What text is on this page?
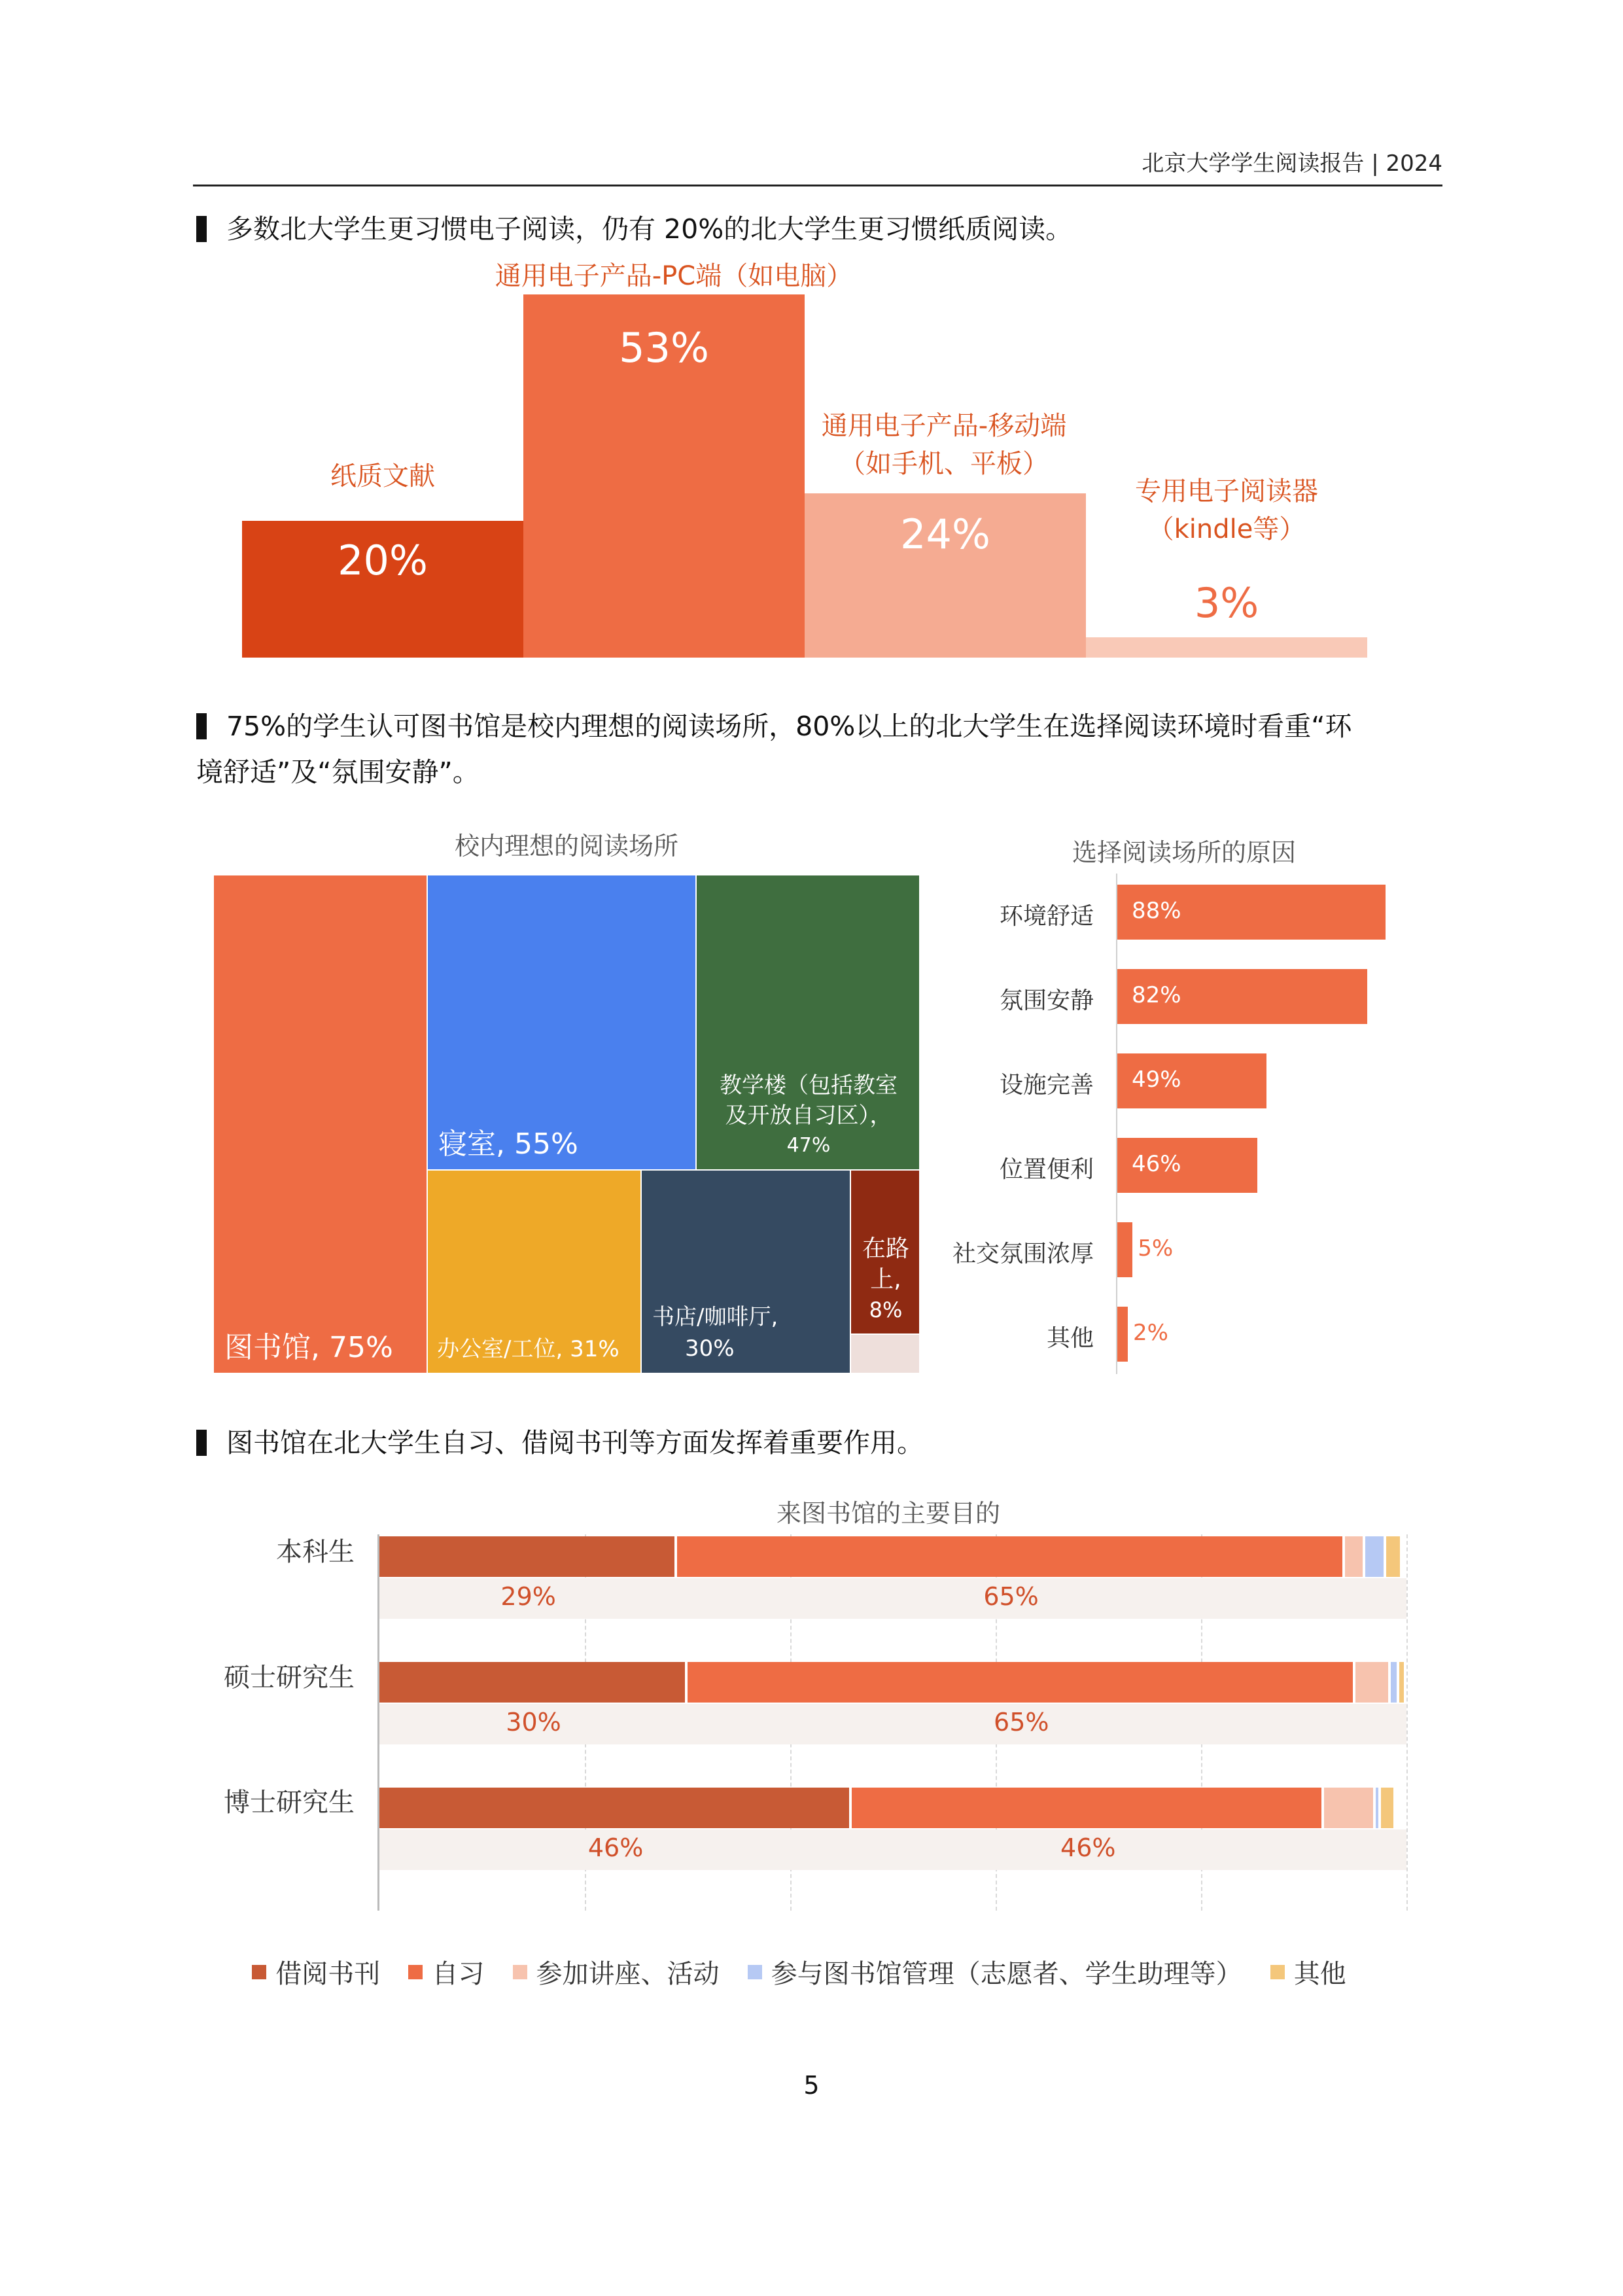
北京大学学生阅读报告 | 2024
多数北大学生更习惯电子阅读，仍有 20%的北大学生更习惯纸质阅读。
纸质文献
通用电子产品-PC端（如电脑）
通用电子产品-移动端
（如手机、平板）
专用电子阅读器
（kindle等）
20%
53%
24%
3%
75%的学生认可图书馆是校内理想的阅读场所，80%以上的北大学生在选择阅读环境时看重“环
境舒适”及“氛围安静”。
校内理想的阅读场所
图书馆, 75%
寝室, 55%
教学楼（包括教室
及开放自习区），
47%
办公室/工位, 31%
书店/咖啡厅,
30%
在路
上,
8%
选择阅读场所的原因
环境舒适
氛围安静
设施完善
位置便利
社交氛围浓厚
其他
88%
82%
49%
46%
5%
2%
图书馆在北大学生自习、借阅书刊等方面发挥着重要作用。
来图书馆的主要目的
本科生
硕士研究生
博士研究生
29%	65%
30%	65%
46%	46%
借阅书刊
自习
参加讲座、活动
参与图书馆管理（志愿者、学生助理等）
其他
5
